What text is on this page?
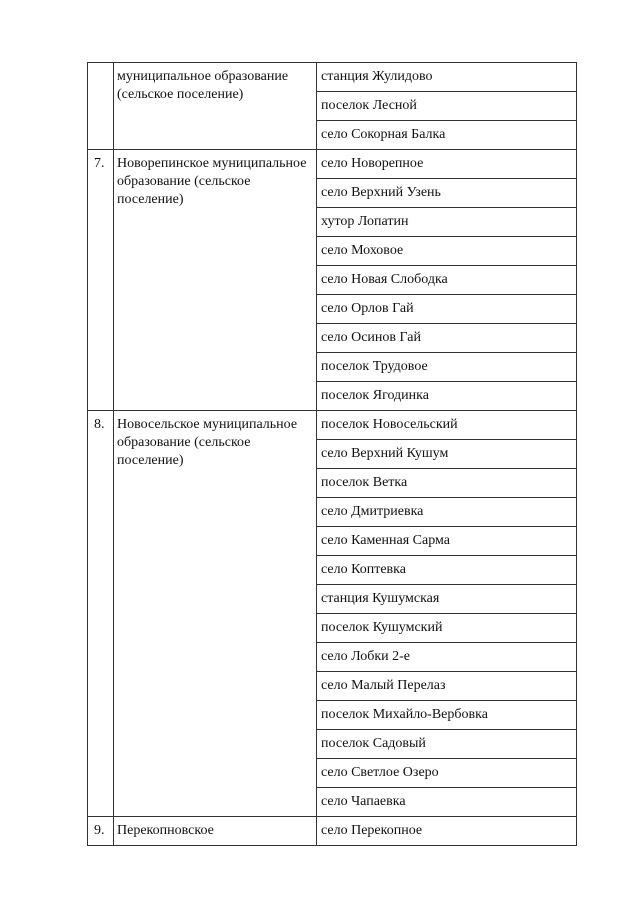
	муниципальное образование (сельское поселение)	станция Жулидово

		поселок Лесной

		село Сокорная Балка

7.	Новорепинское муниципальное образование (сельское поселение)	село Новорепное

		село Верхний Узень

		хутор Лопатин

		село Моховое

		село Новая Слободка

		село Орлов Гай

		село Осинов Гай

		поселок Трудовое

		поселок Ягодинка

8.	Новосельское муниципальное образование (сельское поселение)	поселок Новосельский

		село Верхний Кушум

		поселок Ветка

		село Дмитриевка

		село Каменная Сарма

		село Коптевка

		станция Кушумская

		поселок Кушумский

		село Лобки 2-е

		село Малый Перелаз

		поселок Михайло-Вербовка

		поселок Садовый

		село Светлое Озеро

		село Чапаевка

9.	Перекопновское	село Перекопное
